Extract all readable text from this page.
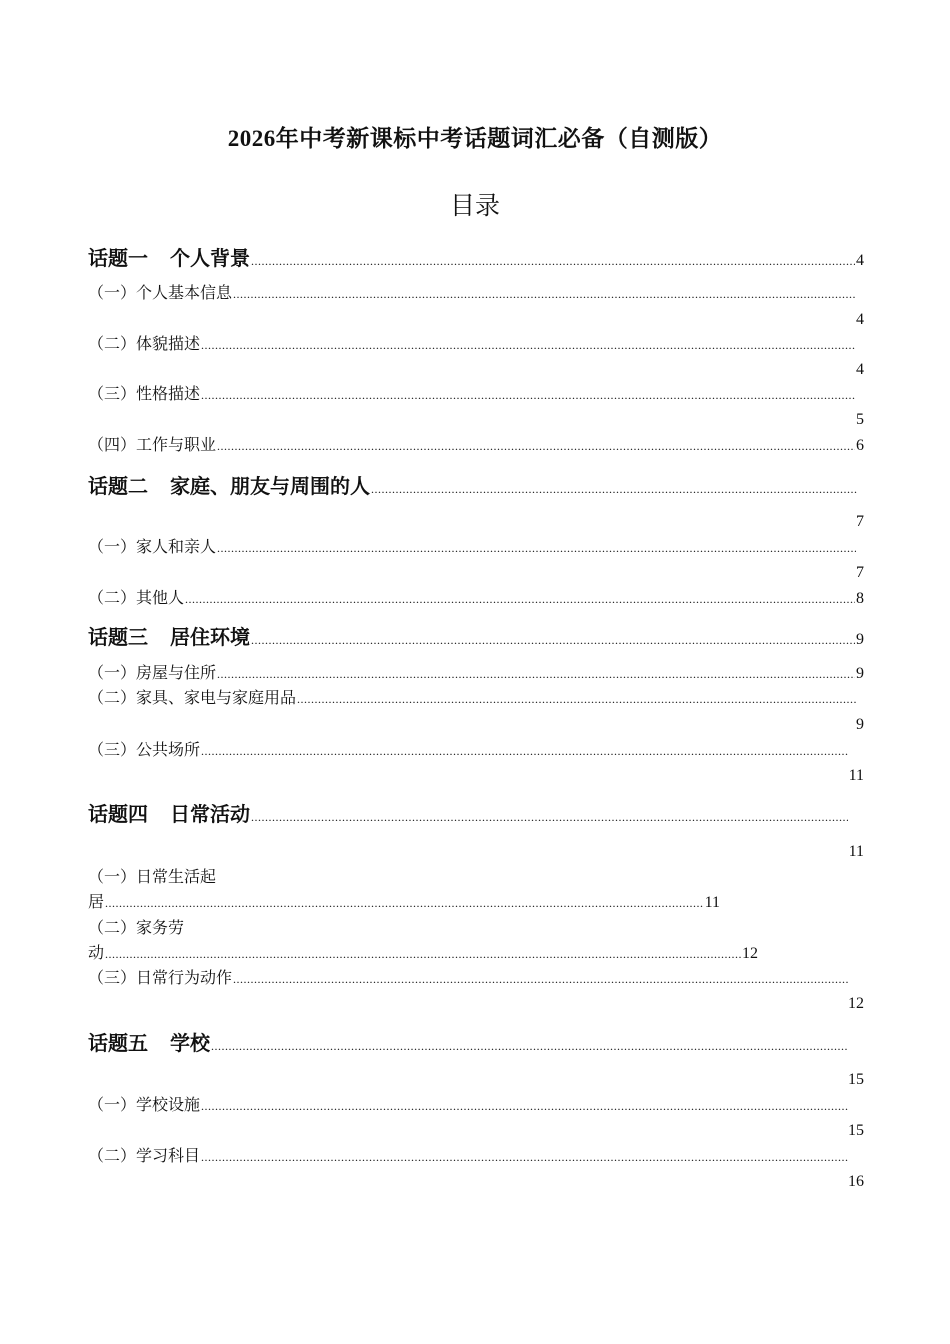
2026年中考新课标中考话题词汇必备（自测版）
目录
话题一 个人背景 .....	4
（一）个人基本信息
.....
4
（二）体貌描述
.....
4
（三）性格描述
.....
5
（四）工作与职业 .....	6
话题二 家庭、朋友与周围的人
.....
7
（一）家人和亲人
.....
7
（二）其他人 .....	8
话题三 居住环境 .....	9
（一）房屋与住所 .....	9
（二）家具、家电与家庭用品
.....
9
（三）公共场所
.....
11
话题四 日常活动
.....
11
（一）日常生活起
居 .....	11
（二）家务劳
动 .....	12
（三）日常行为动作
.....
12
话题五 学校
.....
15
（一）学校设施
.....
15
（二）学习科目
.....
16
